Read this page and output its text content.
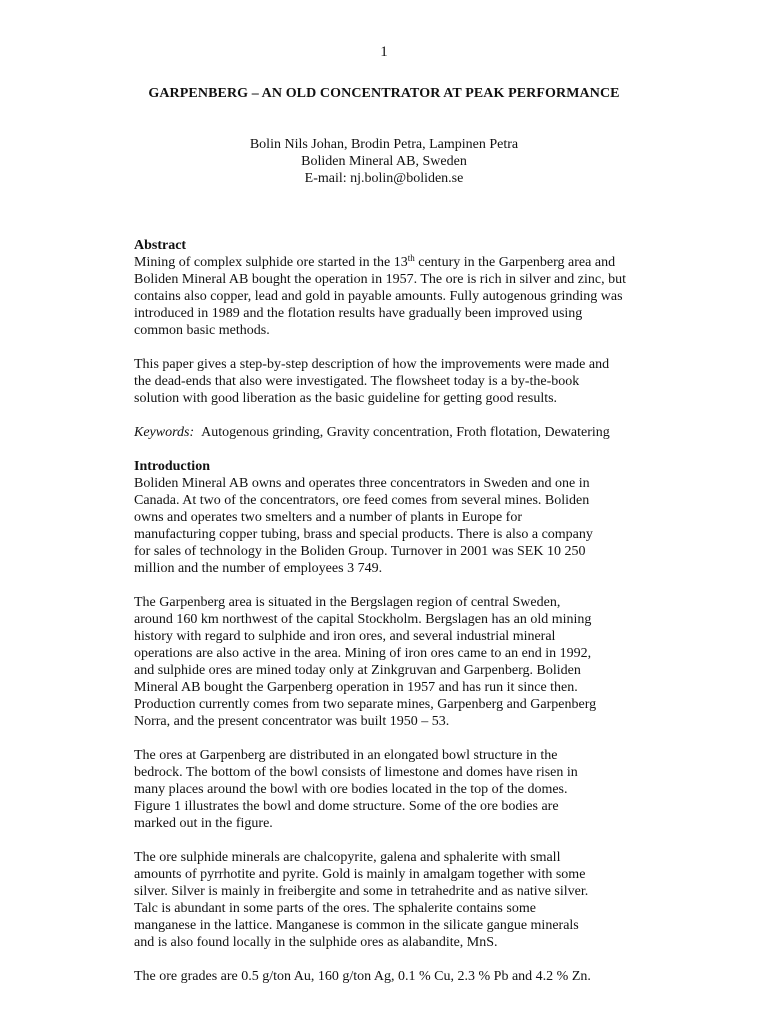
1
GARPENBERG – AN OLD CONCENTRATOR AT PEAK PERFORMANCE
Bolin Nils Johan, Brodin Petra, Lampinen Petra
Boliden Mineral AB, Sweden
E-mail: nj.bolin@boliden.se
Abstract
Mining of complex sulphide ore started in the 13th century in the Garpenberg area and
Boliden Mineral AB bought the operation in 1957. The ore is rich in silver and zinc, but
contains also copper, lead and gold in payable amounts. Fully autogenous grinding was
introduced in 1989 and the flotation results have gradually been improved using
common basic methods.
This paper gives a step-by-step description of how the improvements were made and
the dead-ends that also were investigated. The flowsheet today is a by-the-book
solution with good liberation as the basic guideline for getting good results.
Keywords: Autogenous grinding, Gravity concentration, Froth flotation, Dewatering
Introduction
Boliden Mineral AB owns and operates three concentrators in Sweden and one in
Canada. At two of the concentrators, ore feed comes from several mines. Boliden
owns and operates two smelters and a number of plants in Europe for
manufacturing copper tubing, brass and special products. There is also a company
for sales of technology in the Boliden Group. Turnover in 2001 was SEK 10 250
million and the number of employees 3 749.
The Garpenberg area is situated in the Bergslagen region of central Sweden,
around 160 km northwest of the capital Stockholm. Bergslagen has an old mining
history with regard to sulphide and iron ores, and several industrial mineral
operations are also active in the area. Mining of iron ores came to an end in 1992,
and sulphide ores are mined today only at Zinkgruvan and Garpenberg. Boliden
Mineral AB bought the Garpenberg operation in 1957 and has run it since then.
Production currently comes from two separate mines, Garpenberg and Garpenberg
Norra, and the present concentrator was built 1950 – 53.
The ores at Garpenberg are distributed in an elongated bowl structure in the
bedrock. The bottom of the bowl consists of limestone and domes have risen in
many places around the bowl with ore bodies located in the top of the domes.
Figure 1 illustrates the bowl and dome structure. Some of the ore bodies are
marked out in the figure.
The ore sulphide minerals are chalcopyrite, galena and sphalerite with small
amounts of pyrrhotite and pyrite. Gold is mainly in amalgam together with some
silver. Silver is mainly in freibergite and some in tetrahedrite and as native silver.
Talc is abundant in some parts of the ores. The sphalerite contains some
manganese in the lattice. Manganese is common in the silicate gangue minerals
and is also found locally in the sulphide ores as alabandite, MnS.
The ore grades are 0.5 g/ton Au, 160 g/ton Ag, 0.1 % Cu, 2.3 % Pb and 4.2 % Zn.
